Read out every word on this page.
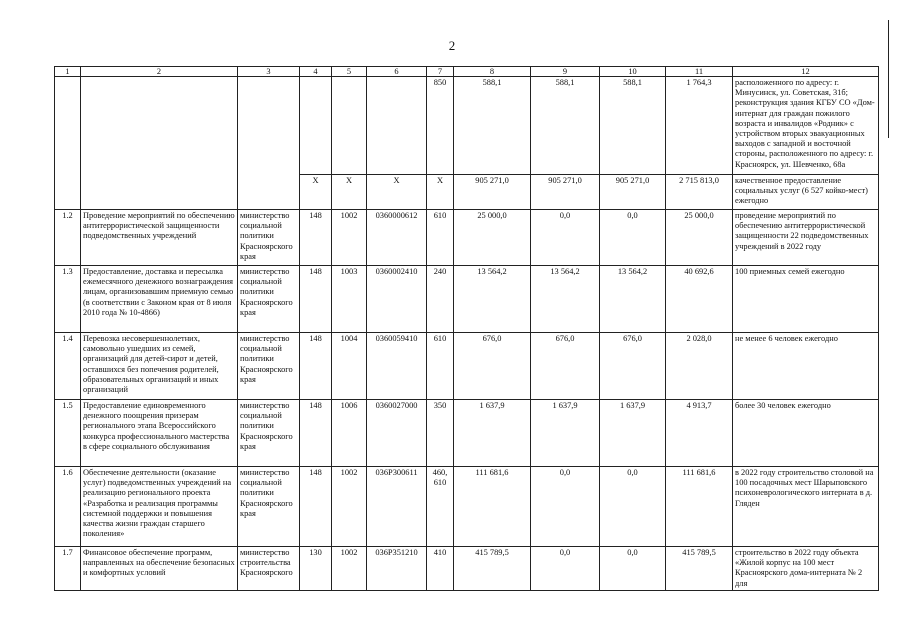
2
1	2	3	4	5	6	7	8	9	10	11	12
						850	588,1	588,1	588,1	1 764,3	расположенного по адресу: г. Минусинск, ул. Советская, 31б; реконструкция здания КГБУ СО «Дом-интернат для граждан пожилого возраста и инвалидов «Родник» с устройством вторых эвакуационных выходов с западной и восточной стороны, расположенного по адресу: г. Красноярск, ул. Шевченко, 68а
			X	X	X	X	905 271,0	905 271,0	905 271,0	2 715 813,0	качественное предоставление социальных услуг (6 527 койко-мест) ежегодно
1.2	Проведение мероприятий по обеспечению антитеррористической защищенности подведомственных учреждений	министерство социальной политики Красноярского края	148	1002	0360000612	610	25 000,0	0,0	0,0	25 000,0	проведение мероприятий по обеспечению антитеррористической защищенности 22 подведомственных учреждений в 2022 году
1.3	Предоставление, доставка и пересылка ежемесячного денежного вознаграждения лицам, организовавшим приемную семью (в соответствии с Законом края от 8 июля 2010 года № 10-4866)	министерство социальной политики Красноярского края	148	1003	0360002410	240	13 564,2	13 564,2	13 564,2	40 692,6	100 приемных семей ежегодно
1.4	Перевозка несовершеннолетних, самовольно ушедших из семей, организаций для детей-сирот и детей, оставшихся без попечения родителей, образовательных организаций и иных организаций	министерство социальной политики Красноярского края	148	1004	0360059410	610	676,0	676,0	676,0	2 028,0	не менее 6 человек ежегодно
1.5	Предоставление единовременного денежного поощрения призерам регионального этапа Всероссийского конкурса профессионального мастерства в сфере социального обслуживания	министерство социальной политики Красноярского края	148	1006	0360027000	350	1 637,9	1 637,9	1 637,9	4 913,7	более 30 человек ежегодно
1.6	Обеспечение деятельности (оказание услуг) подведомственных учреждений на реализацию регионального проекта «Разработка и реализация программы системной поддержки и повышения качества жизни граждан старшего поколения»	министерство социальной политики Красноярского края	148	1002	036P300611	460, 610	111 681,6	0,0	0,0	111 681,6	в 2022 году строительство столовой на 100 посадочных мест Шарыповского психоневрологического интерната в д. Гляден
1.7	Финансовое обеспечение программ, направленных на обеспечение безопасных и комфортных условий	министерство строительства Красноярского	130	1002	036P351210	410	415 789,5	0,0	0,0	415 789,5	строительство в 2022 году объекта «Жилой корпус на 100 мест Красноярского дома-интерната № 2 для
